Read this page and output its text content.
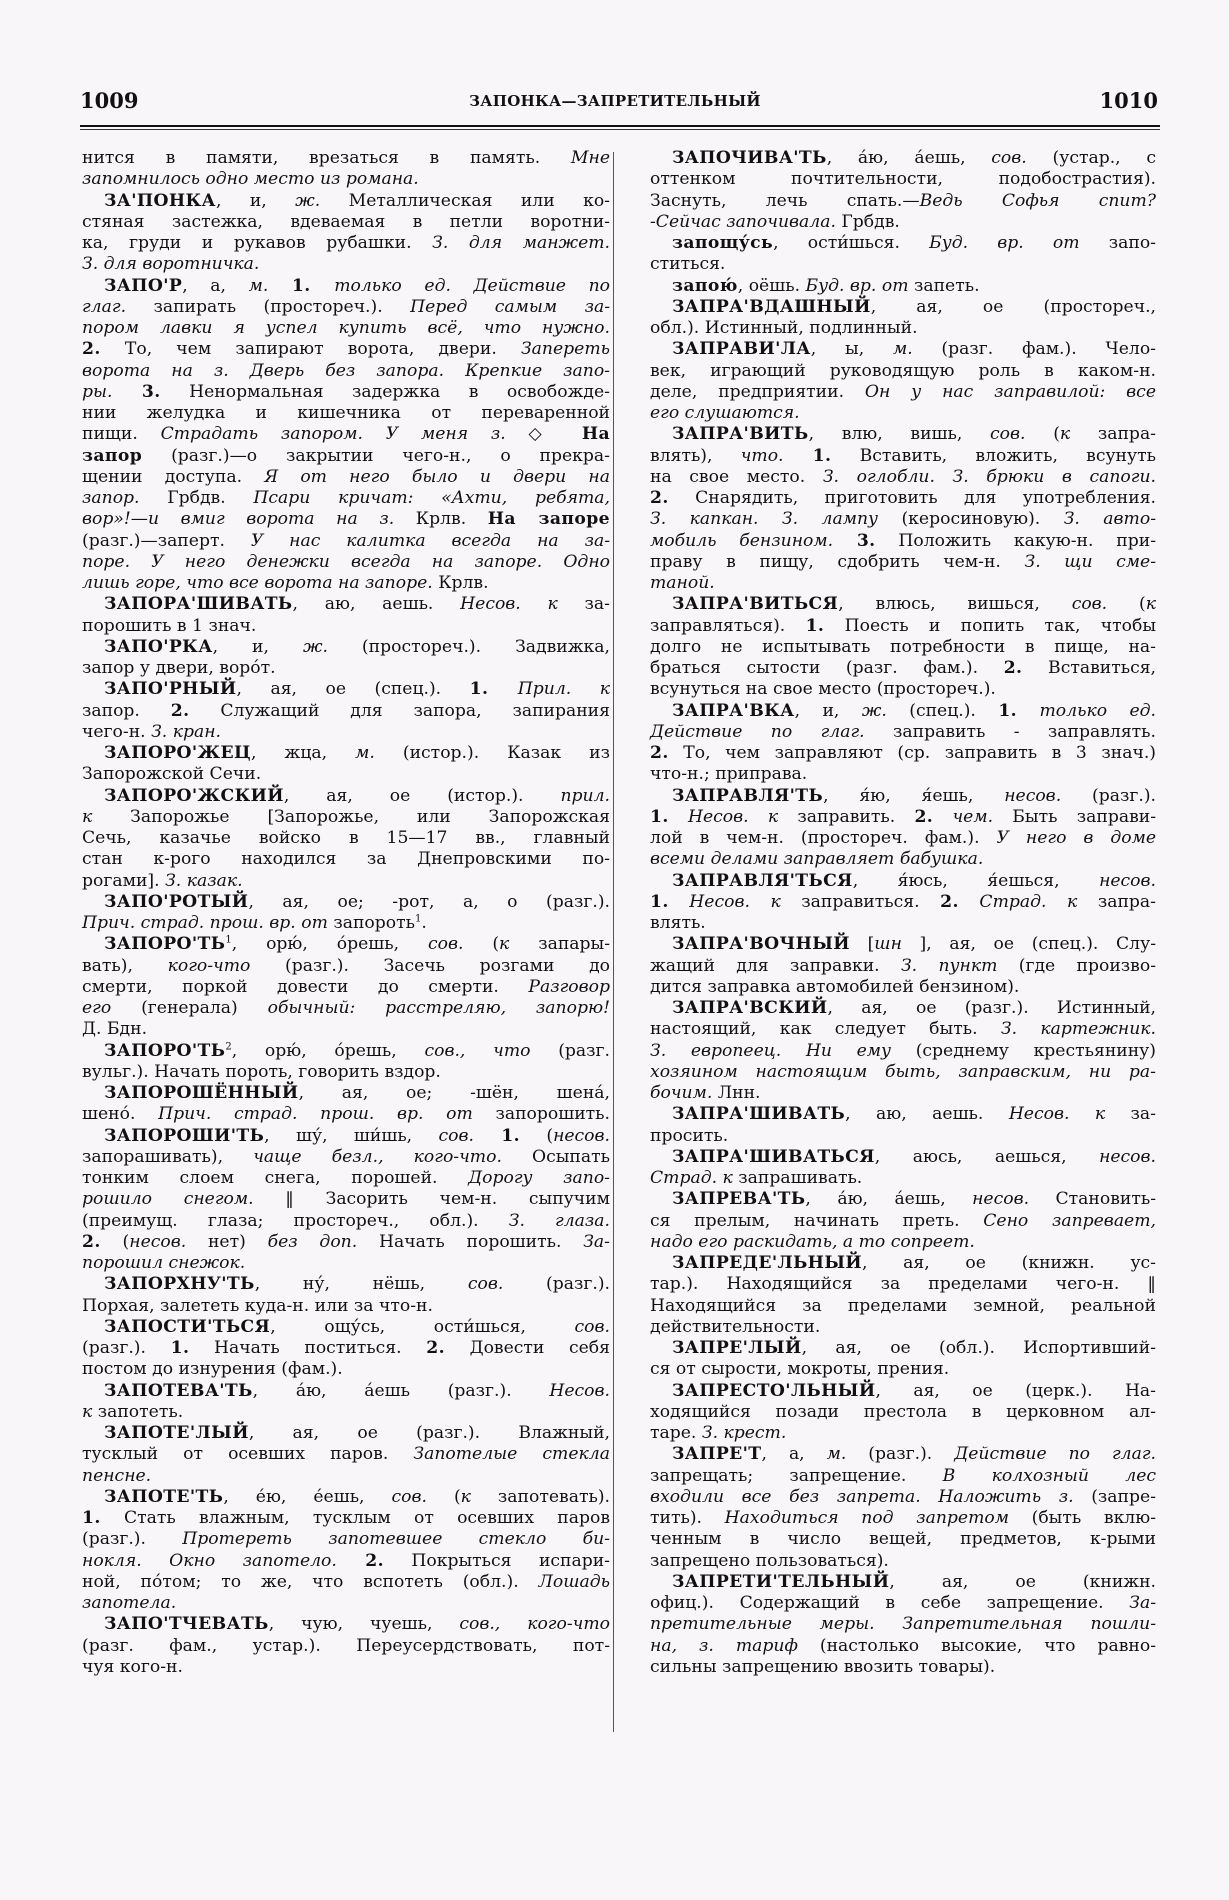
1009	ЗАПОНКА—ЗАПРЕТИТЕЛЬНЫЙ	1010
нится в памяти, врезаться в память. Мне
запомнилось одно место из романа.
ЗА'ПОНКА, и, ж. Металлическая или ко-
стяная застежка, вдеваемая в петли воротни-
ка, груди и рукавов рубашки. З. для манжет.
З. для воротничка.
ЗАПО'Р, а, м. 1. только ед. Действие по
глаг. запирать (простореч.). Перед самым за-
пором лавки я успел купить всё, что нужно.
2. То, чем запирают ворота, двери. Запереть
ворота на з. Дверь без запора. Крепкие запо-
ры. 3. Ненормальная задержка в освобожде-
нии желудка и кишечника от переваренной
пищи. Страдать запором. У меня з. ◇ На
запор (разг.)—о закрытии чего-н., о прекра-
щении доступа. Я от него было и двери на
запор. Грбдв. Псари кричат: «Ахти, ребята,
вор»!—и вмиг ворота на з. Крлв. На запоре
(разг.)—заперт. У нас калитка всегда на за-
поре. У него денежки всегда на запоре. Одно
лишь горе, что все ворота на запоре. Крлв.
ЗАПОРА'ШИВАТЬ, аю, аешь. Несов. к за-
порошить в 1 знач.
ЗАПО'РКА, и, ж. (простореч.). Задвижка,
запор у двери, ворóт.
ЗАПО'РНЫЙ, ая, ое (спец.). 1. Прил. к
запор. 2. Служащий для запора, запирания
чего-н. З. кран.
ЗАПОРО'ЖЕЦ, жца, м. (истор.). Казак из
Запорожской Сечи.
ЗАПОРО'ЖСКИЙ, ая, ое (истор.). прил.
к Запорожье [Запорожье, или Запорожская
Сечь, казачье войско в 15—17 вв., главный
стан к-рого находился за Днепровскими по-
рогами]. З. казак.
ЗАПО'РОТЫЙ, ая, ое; -рот, а, о (разг.).
Прич. страд. прош. вр. от запороть$^1$.
$ЗАПОРО'ТЬ^1$, орю́, о́решь, сов. (к запары-
вать), кого-что (разг.). Засечь розгами до
смерти, поркой довести до смерти. Разговор
его (генерала) обычный: расстреляю, запорю!
Д. Бдн.
$ЗАПОРО'ТЬ^2$, орю́, о́решь, сов., что (разг.
вульг.). Начать пороть, говорить вздор.
ЗАПОРОШЁННЫЙ, ая, ое; -шён, шена́,
шено́. Прич. страд. прош. вр. от запорошить.
ЗАПОРОШИ'ТЬ, шу́, ши́шь, сов. 1. (несов.
запорашивать), чаще безл., кого-что. Осыпать
тонким слоем снега, порошей. Дорогу запо-
рошило снегом. ‖ Засорить чем-н. сыпучим
(преимущ. глаза; простореч., обл.). З. глаза.
2. (несов. нет) без доп. Начать порошить. За-
порошил снежок.
ЗАПОРХНУ'ТЬ, ну́, нёшь, сов. (разг.).
Порхая, залететь куда-н. или за что-н.
ЗАПОСТИ'ТЬСЯ, ощу́сь, ости́шься, сов.
(разг.). 1. Начать поститься. 2. Довести себя
постом до изнурения (фам.).
ЗАПОТЕВА'ТЬ, а́ю, а́ешь (разг.). Несов.
к запотеть.
ЗАПОТЕ'ЛЫЙ, ая, ое (разг.). Влажный,
тусклый от осевших паров. Запотелые стекла
пенсне.
ЗАПОТЕ'ТЬ, е́ю, е́ешь, сов. (к запотевать).
1. Стать влажным, тусклым от осевших паров
(разг.). Протереть запотевшее стекло би-
нокля. Окно запотело. 2. Покрыться испари-
ной, по́том; то же, что вспотеть (обл.). Лошадь
запотела.
ЗАПО'ТЧЕВАТЬ, чую, чуешь, сов., кого-что
(разг. фам., устар.). Переусердствовать, пот-
чуя кого-н.
ЗАПОЧИВА'ТЬ, а́ю, а́ешь, сов. (устар., с
оттенком почтительности, подобострастия).
Заснуть, лечь спать.—Ведь Софья спит?
-Сейчас започивала. Грбдв.
запощу́сь, ости́шься. Буд. вр. от запо-
ститься.
запою́, оёшь. Буд. вр. от запеть.
ЗАПРА'ВДАШНЫЙ, ая, ое (простореч.,
обл.). Истинный, подлинный.
ЗАПРАВИ'ЛА, ы, м. (разг. фам.). Чело-
век, играющий руководящую роль в каком-н.
деле, предприятии. Он у нас заправилой: все
его слушаются.
ЗАПРА'ВИТЬ, влю, вишь, сов. (к запра-
влять), что. 1. Вставить, вложить, всунуть
на свое место. З. оглобли. З. брюки в сапоги.
2. Снарядить, приготовить для употребления.
З. капкан. З. лампу (керосиновую). З. авто-
мобиль бензином. 3. Положить какую-н. при-
праву в пищу, сдобрить чем-н. З. щи сме-
таной.
ЗАПРА'ВИТЬСЯ, влюсь, вишься, сов. (к
заправляться). 1. Поесть и попить так, чтобы
долго не испытывать потребности в пище, на-
браться сытости (разг. фам.). 2. Вставиться,
всунуться на свое место (простореч.).
ЗАПРА'ВКА, и, ж. (спец.). 1. только ед.
Действие по глаг. заправить - заправлять.
2. То, чем заправляют (ср. заправить в 3 знач.)
что-н.; приправа.
ЗАПРАВЛЯ'ТЬ, я́ю, я́ешь, несов. (разг.).
1. Несов. к заправить. 2. чем. Быть заправи-
лой в чем-н. (простореч. фам.). У него в доме
всеми делами заправляет бабушка.
ЗАПРАВЛЯ'ТЬСЯ, я́юсь, я́ешься, несов.
1. Несов. к заправиться. 2. Страд. к запра-
влять.
ЗАПРА'ВОЧНЫЙ [шн ], ая, ое (спец.). Слу-
жащий для заправки. З. пункт (где произво-
дится заправка автомобилей бензином).
ЗАПРА'ВСКИЙ, ая, ое (разг.). Истинный,
настоящий, как следует быть. З. картежник.
З. европеец. Ни ему (среднему крестьянину)
хозяином настоящим быть, заправским, ни ра-
бочим. Лнн.
ЗАПРА'ШИВАТЬ, аю, аешь. Несов. к за-
просить.
ЗАПРА'ШИВАТЬСЯ, аюсь, аешься, несов.
Страд. к запрашивать.
ЗАПРЕВА'ТЬ, а́ю, а́ешь, несов. Становить-
ся прелым, начинать преть. Сено запревает,
надо его раскидать, а то сопреет.
ЗАПРЕДЕ'ЛЬНЫЙ, ая, ое (книжн. ус-
тар.). Находящийся за пределами чего-н. ‖
Находящийся за пределами земной, реальной
действительности.
ЗАПРЕ'ЛЫЙ, ая, ое (обл.). Испортивший-
ся от сырости, мокроты, прения.
ЗАПРЕСТО'ЛЬНЫЙ, ая, ое (церк.). На-
ходящийся позади престола в церковном ал-
таре. З. крест.
ЗАПРЕ'Т, а, м. (разг.). Действие по глаг.
запрещать; запрещение. В колхозный лес
входили все без запрета. Наложить з. (запре-
тить). Находиться под запретом (быть вклю-
ченным в число вещей, предметов, к-рыми
запрещено пользоваться).
ЗАПРЕТИ'ТЕЛЬНЫЙ, ая, ое (книжн.
офиц.). Содержащий в себе запрещение. За-
претительные меры. Запретительная пошли-
на, з. тариф (настолько высокие, что равно-
сильны запрещению ввозить товары).
